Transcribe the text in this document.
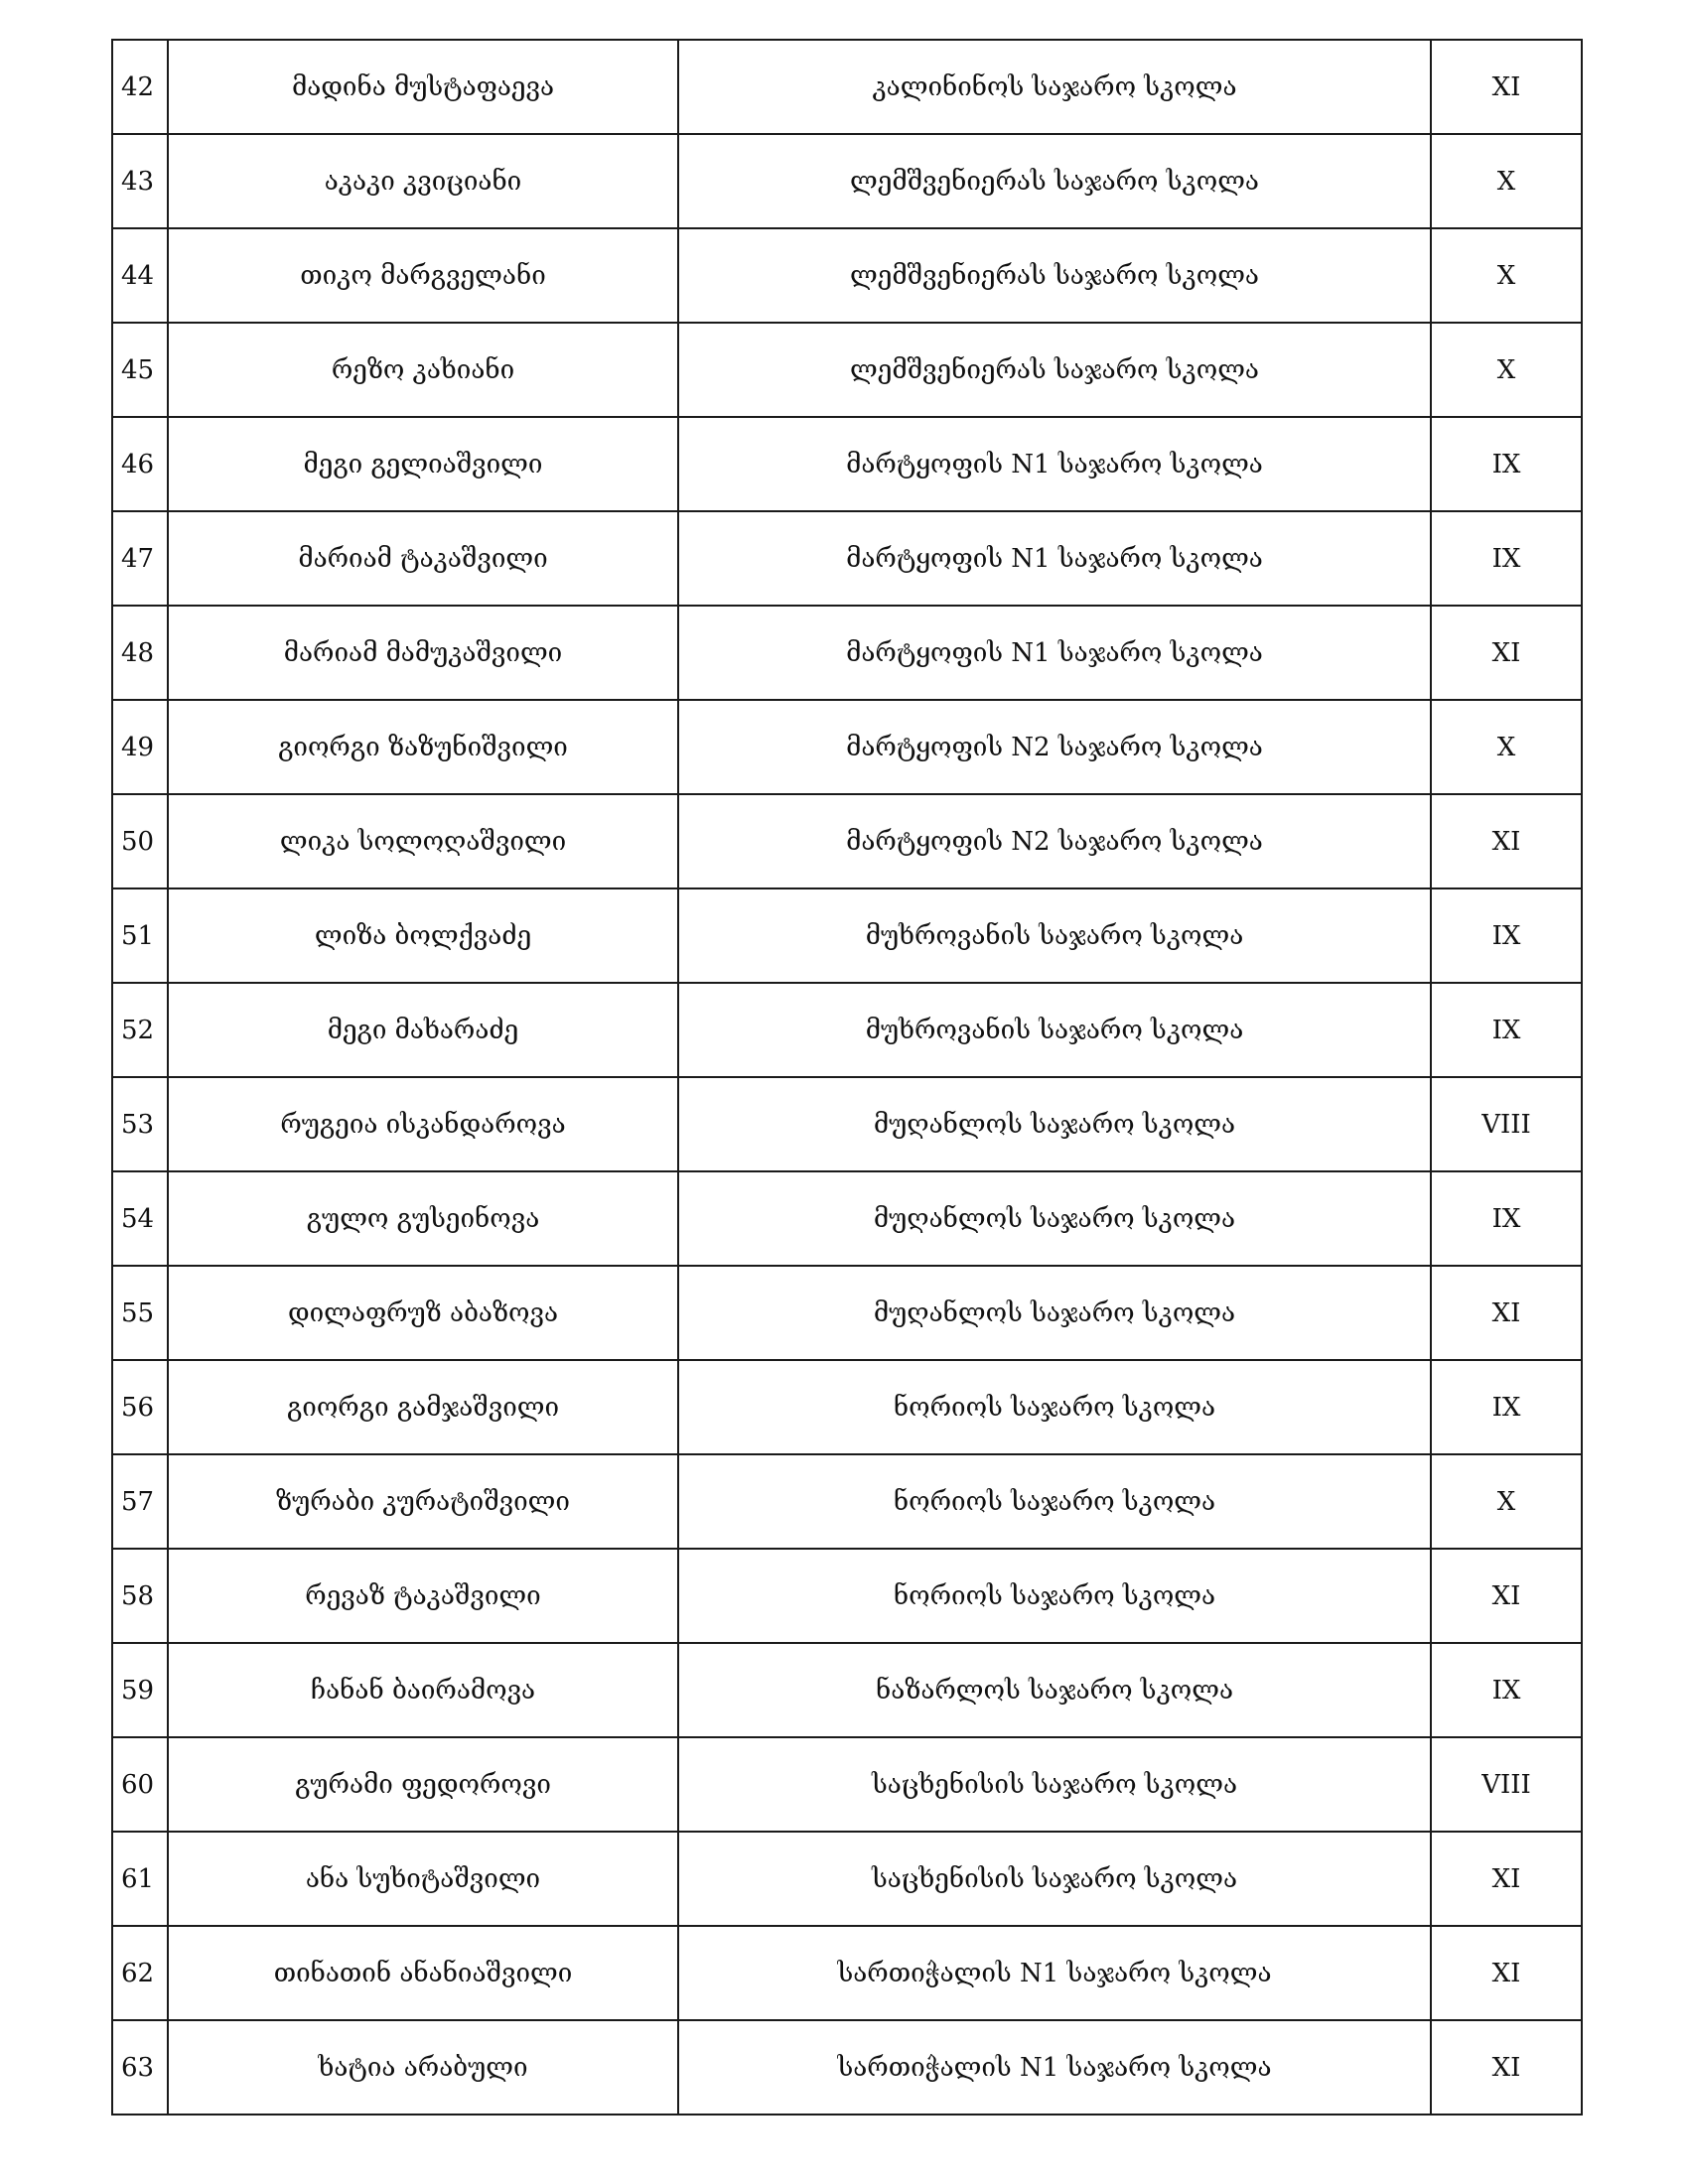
42	მადინა მუსტაფაევა	კალინინოს საჯარო სკოლა	XI
43	აკაკი კვიციანი	ლემშვენიერას საჯარო სკოლა	X
44	თიკო მარგველანი	ლემშვენიერას საჯარო სკოლა	X
45	რეზო კახიანი	ლემშვენიერას საჯარო სკოლა	X
46	მეგი გელიაშვილი	მარტყოფის N1 საჯარო სკოლა	IX
47	მარიამ ტაკაშვილი	მარტყოფის N1 საჯარო სკოლა	IX
48	მარიამ მამუკაშვილი	მარტყოფის N1 საჯარო სკოლა	XI
49	გიორგი ზაზუნიშვილი	მარტყოფის N2 საჯარო სკოლა	X
50	ლიკა სოლოღაშვილი	მარტყოფის N2 საჯარო სკოლა	XI
51	ლიზა ბოლქვაძე	მუხროვანის საჯარო სკოლა	IX
52	მეგი მახარაძე	მუხროვანის საჯარო სკოლა	IX
53	რუგეია ისკანდაროვა	მუღანლოს საჯარო სკოლა	VIII
54	გულო გუსეინოვა	მუღანლოს საჯარო სკოლა	IX
55	დილაფრუზ აბაზოვა	მუღანლოს საჯარო სკოლა	XI
56	გიორგი გამჯაშვილი	ნორიოს საჯარო სკოლა	IX
57	ზურაბი კურატიშვილი	ნორიოს საჯარო სკოლა	X
58	რევაზ ტაკაშვილი	ნორიოს საჯარო სკოლა	XI
59	ჩანან ბაირამოვა	ნაზარლოს საჯარო სკოლა	IX
60	გურამი ფედოროვი	საცხენისის საჯარო სკოლა	VIII
61	ანა სუხიტაშვილი	საცხენისის საჯარო სკოლა	XI
62	თინათინ ანანიაშვილი	სართიჭალის N1 საჯარო სკოლა	XI
63	ხატია არაბული	სართიჭალის N1 საჯარო სკოლა	XI
